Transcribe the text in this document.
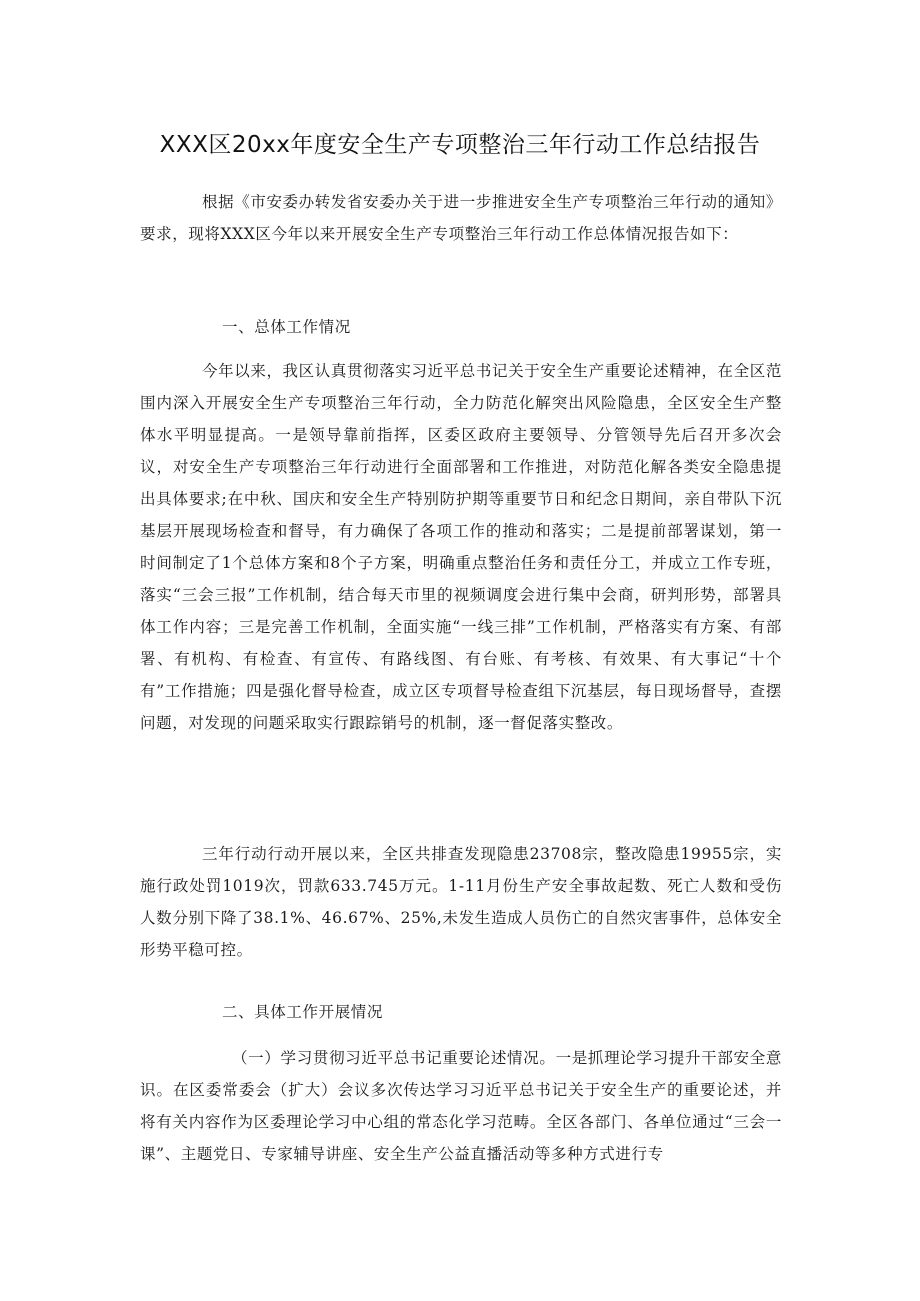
XXX区20xx年度安全生产专项整治三年行动工作总结报告

根据《市安委办转发省安委办关于进一步推进安全生产专项整治三年行动的通知》要求，现将XXX区今年以来开展安全生产专项整治三年行动工作总体情况报告如下：

一、总体工作情况

今年以来，我区认真贯彻落实习近平总书记关于安全生产重要论述精神，在全区范围内深入开展安全生产专项整治三年行动，全力防范化解突出风险隐患，全区安全生产整体水平明显提高。一是领导靠前指挥，区委区政府主要领导、分管领导先后召开多次会议，对安全生产专项整治三年行动进行全面部署和工作推进，对防范化解各类安全隐患提出具体要求;在中秋、国庆和安全生产特别防护期等重要节日和纪念日期间，亲自带队下沉基层开展现场检查和督导，有力确保了各项工作的推动和落实；二是提前部署谋划，第一时间制定了1个总体方案和8个子方案，明确重点整治任务和责任分工，并成立工作专班，落实“三会三报”工作机制，结合每天市里的视频调度会进行集中会商，研判形势，部署具体工作内容；三是完善工作机制，全面实施“一线三排”工作机制，严格落实有方案、有部署、有机构、有检查、有宣传、有路线图、有台账、有考核、有效果、有大事记“十个有”工作措施；四是强化督导检查，成立区专项督导检查组下沉基层，每日现场督导，查摆问题，对发现的问题采取实行跟踪销号的机制，逐一督促落实整改。

三年行动行动开展以来，全区共排查发现隐患23708宗，整改隐患19955宗，实施行政处罚1019次，罚款633.745万元。1-11月份生产安全事故起数、死亡人数和受伤人数分别下降了38.1%、46.67%、25%,未发生造成人员伤亡的自然灾害事件，总体安全形势平稳可控。

二、具体工作开展情况

（一）学习贯彻习近平总书记重要论述情况。一是抓理论学习提升干部安全意识。在区委常委会（扩大）会议多次传达学习习近平总书记关于安全生产的重要论述，并将有关内容作为区委理论学习中心组的常态化学习范畴。全区各部门、各单位通过“三会一课”、主题党日、专家辅导讲座、安全生产公益直播活动等多种方式进行专
